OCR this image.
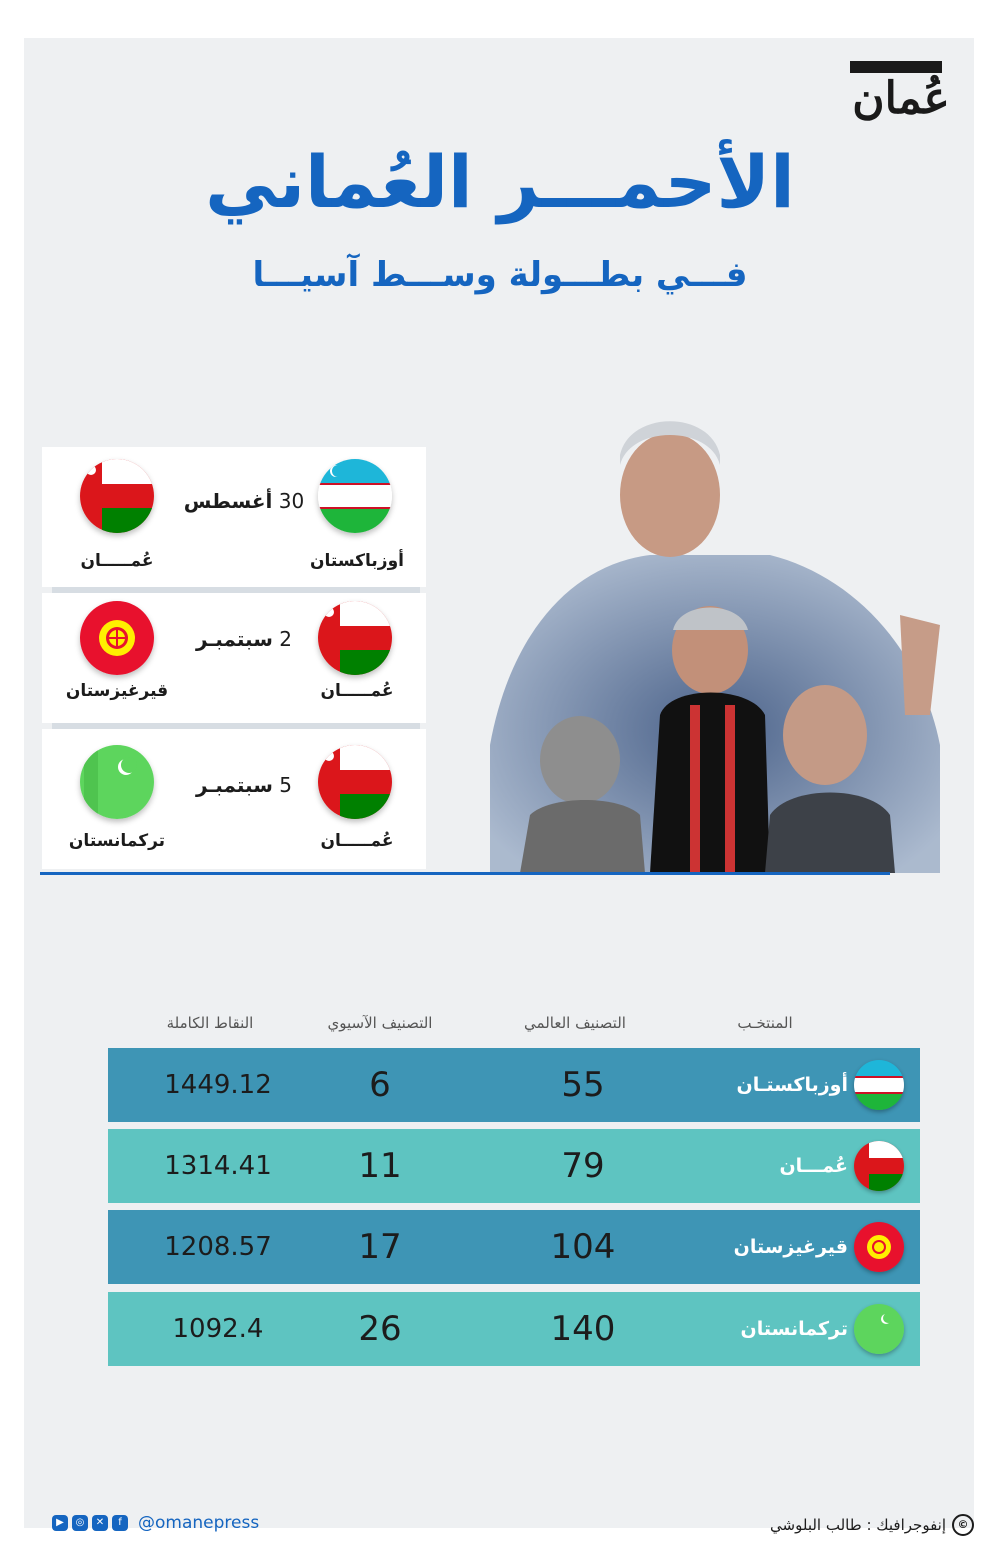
عُمان
الأحمـــر العُماني
فـــي بطـــولة وســـط آسيـــا
أوزباكستان
30 أغسطس
عُمـــــان
عُمـــــان
2 سبتمبـر
قيرغيزستان
عُمـــــان
5 سبتمبـر
تركمانستان
المنتخـب
التصنيف العالمي
التصنيف الآسيوي
النقاط الكاملة
1449.12	6	55	أوزباكستـان
1314.41	11	79	عُمـــان
1208.57	17	104	قيرغيزستان
1092.4	26	140	تركمانستان
▶	◎	✕	f @omanepress	©
إنفوجرافيك : طالب البلوشي
